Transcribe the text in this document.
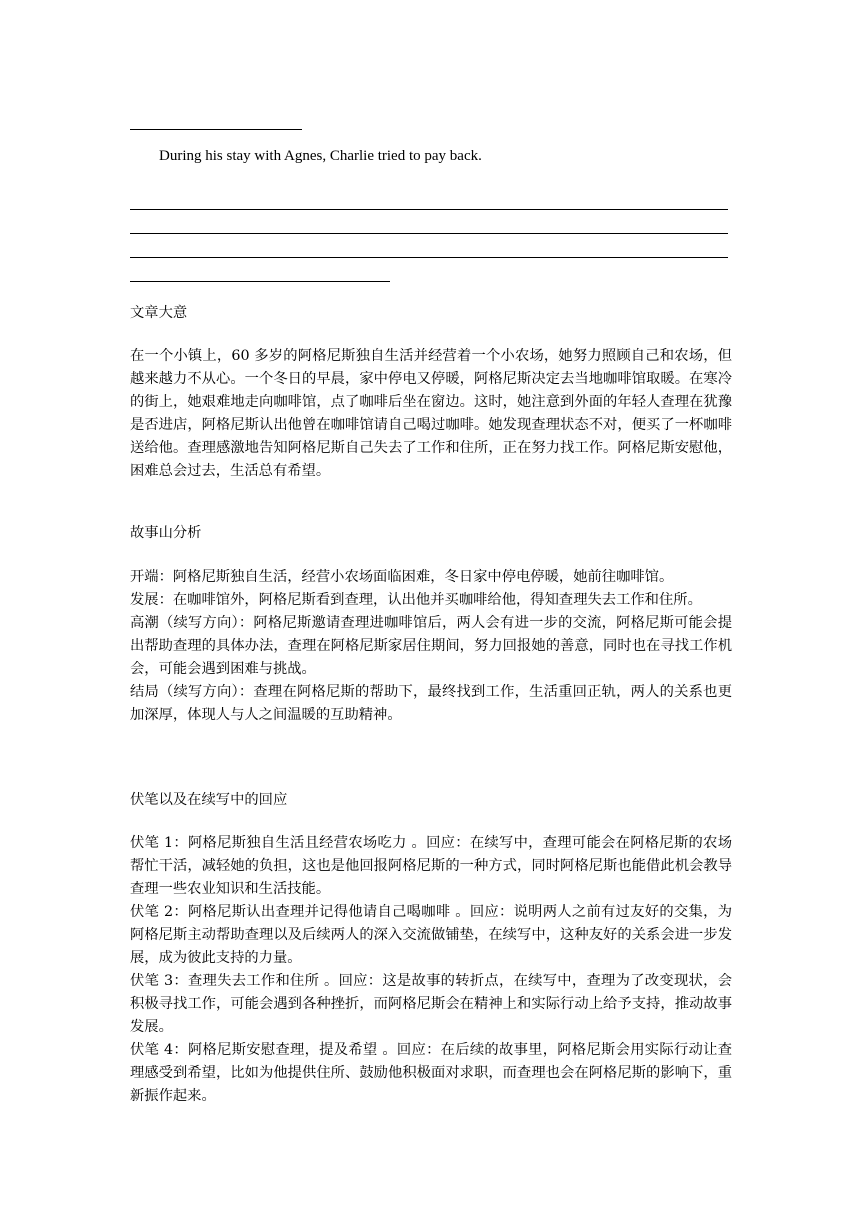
During his stay with Agnes, Charlie tried to pay back.
文章大意
在一个小镇上，60 多岁的阿格尼斯独自生活并经营着一个小农场，她努力照顾自己和农场，但越来越力不从心。一个冬日的早晨，家中停电又停暖，阿格尼斯决定去当地咖啡馆取暖。在寒冷的街上，她艰难地走向咖啡馆，点了咖啡后坐在窗边。这时，她注意到外面的年轻人查理在犹豫是否进店，阿格尼斯认出他曾在咖啡馆请自己喝过咖啡。她发现查理状态不对，便买了一杯咖啡送给他。查理感激地告知阿格尼斯自己失去了工作和住所，正在努力找工作。阿格尼斯安慰他，困难总会过去，生活总有希望。
故事山分析

开端：阿格尼斯独自生活，经营小农场面临困难，冬日家中停电停暖，她前往咖啡馆。

发展：在咖啡馆外，阿格尼斯看到查理，认出他并买咖啡给他，得知查理失去工作和住所。

高潮（续写方向）：阿格尼斯邀请查理进咖啡馆后，两人会有进一步的交流，阿格尼斯可能会提出帮助查理的具体办法，查理在阿格尼斯家居住期间，努力回报她的善意，同时也在寻找工作机会，可能会遇到困难与挑战。

结局（续写方向）：查理在阿格尼斯的帮助下，最终找到工作，生活重回正轨，两人的关系也更加深厚，体现人与人之间温暖的互助精神。

伏笔以及在续写中的回应

伏笔 1：阿格尼斯独自生活且经营农场吃力 。回应：在续写中，查理可能会在阿格尼斯的农场帮忙干活，减轻她的负担，这也是他回报阿格尼斯的一种方式，同时阿格尼斯也能借此机会教导查理一些农业知识和生活技能。

伏笔 2：阿格尼斯认出查理并记得他请自己喝咖啡 。回应：说明两人之前有过友好的交集，为阿格尼斯主动帮助查理以及后续两人的深入交流做铺垫，在续写中，这种友好的关系会进一步发展，成为彼此支持的力量。

伏笔 3：查理失去工作和住所 。回应：这是故事的转折点，在续写中，查理为了改变现状，会积极寻找工作，可能会遇到各种挫折，而阿格尼斯会在精神上和实际行动上给予支持，推动故事发展。

伏笔 4：阿格尼斯安慰查理，提及希望 。回应：在后续的故事里，阿格尼斯会用实际行动让查理感受到希望，比如为他提供住所、鼓励他积极面对求职，而查理也会在阿格尼斯的影响下，重新振作起来。
